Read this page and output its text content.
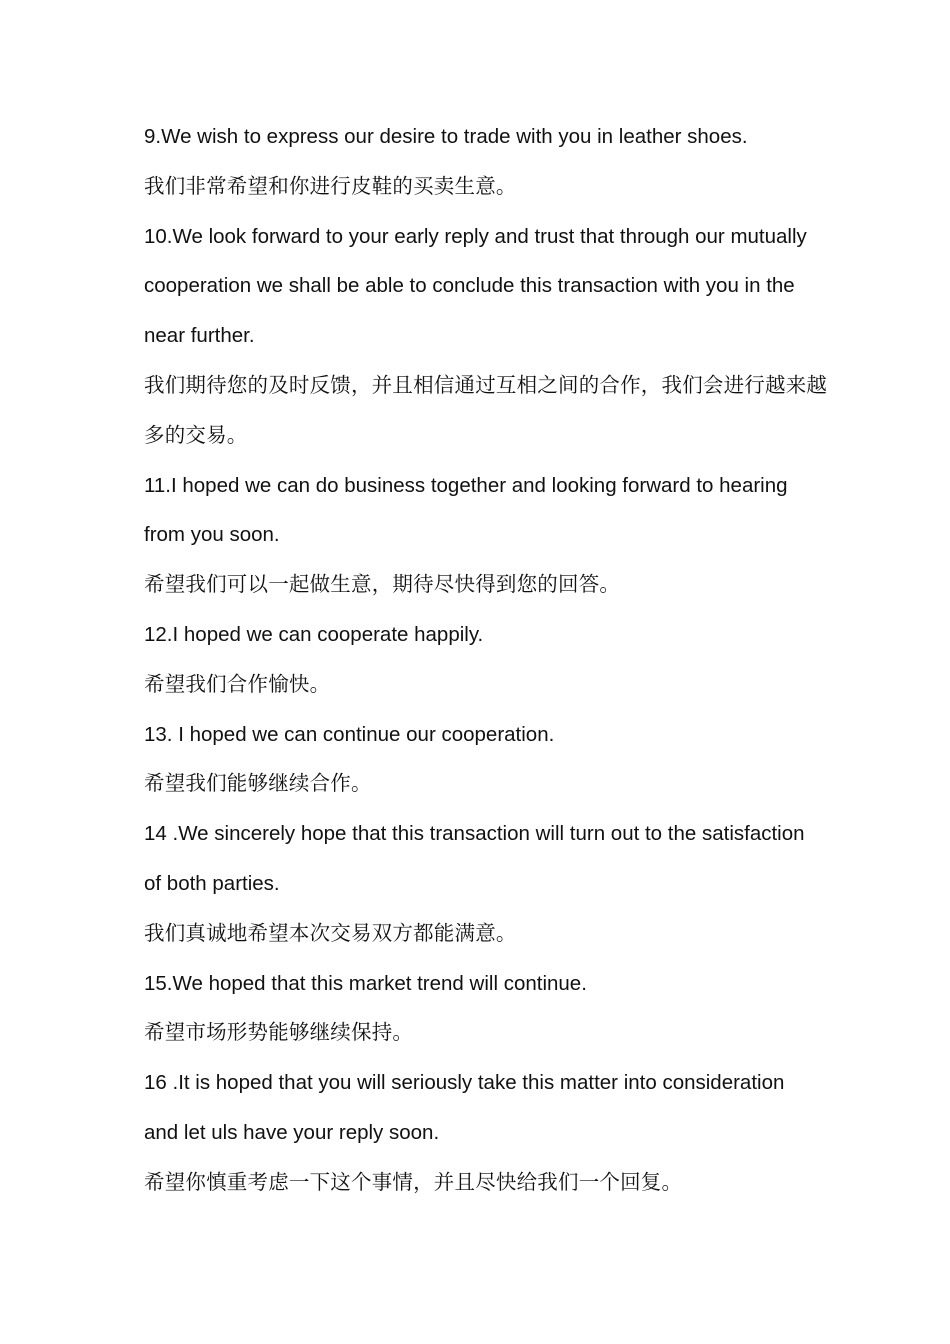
9.We wish to express our desire to trade with you in leather shoes.
我们非常希望和你进行皮鞋的买卖生意。
10.We look forward to your early reply and trust that through our mutually
cooperation we shall be able to conclude this transaction with you in the
near further.
我们期待您的及时反馈，并且相信通过互相之间的合作，我们会进行越来越
多的交易。
11.I hoped we can do business together and looking forward to hearing
from you soon.
希望我们可以一起做生意，期待尽快得到您的回答。
12.I hoped we can cooperate happily.
希望我们合作愉快。
13. I hoped we can continue our cooperation.
希望我们能够继续合作。
14 .We sincerely hope that this transaction will turn out to the satisfaction
of both parties.
我们真诚地希望本次交易双方都能满意。
15.We hoped that this market trend will continue.
希望市场形势能够继续保持。
16 .It is hoped that you will seriously take this matter into consideration
and let uls have your reply soon.
希望你慎重考虑一下这个事情，并且尽快给我们一个回复。
